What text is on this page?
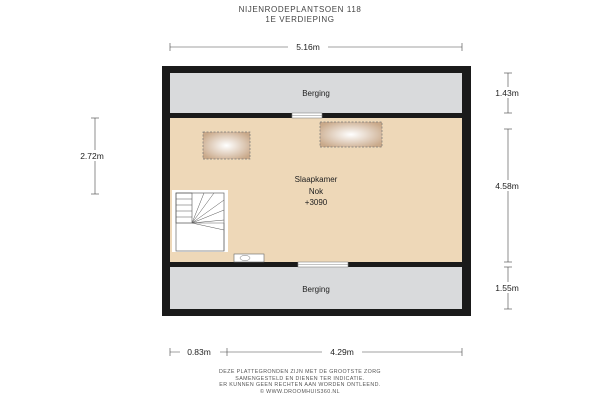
NIJENRODEPLANTSOEN 118
1E VERDIEPING
Berging
Slaapkamer
Nok
+3090
Berging
5.16m
2.72m
1.43m
4.58m
1.55m
0.83m	4.29m
DEZE PLATTEGRONDEN ZIJN MET DE GROOTSTE ZORG
SAMENGESTELD EN DIENEN TER INDICATIE.
ER KUNNEN GEEN RECHTEN AAN WORDEN ONTLEEND.
© WWW.DROOMHUIS360.NL
